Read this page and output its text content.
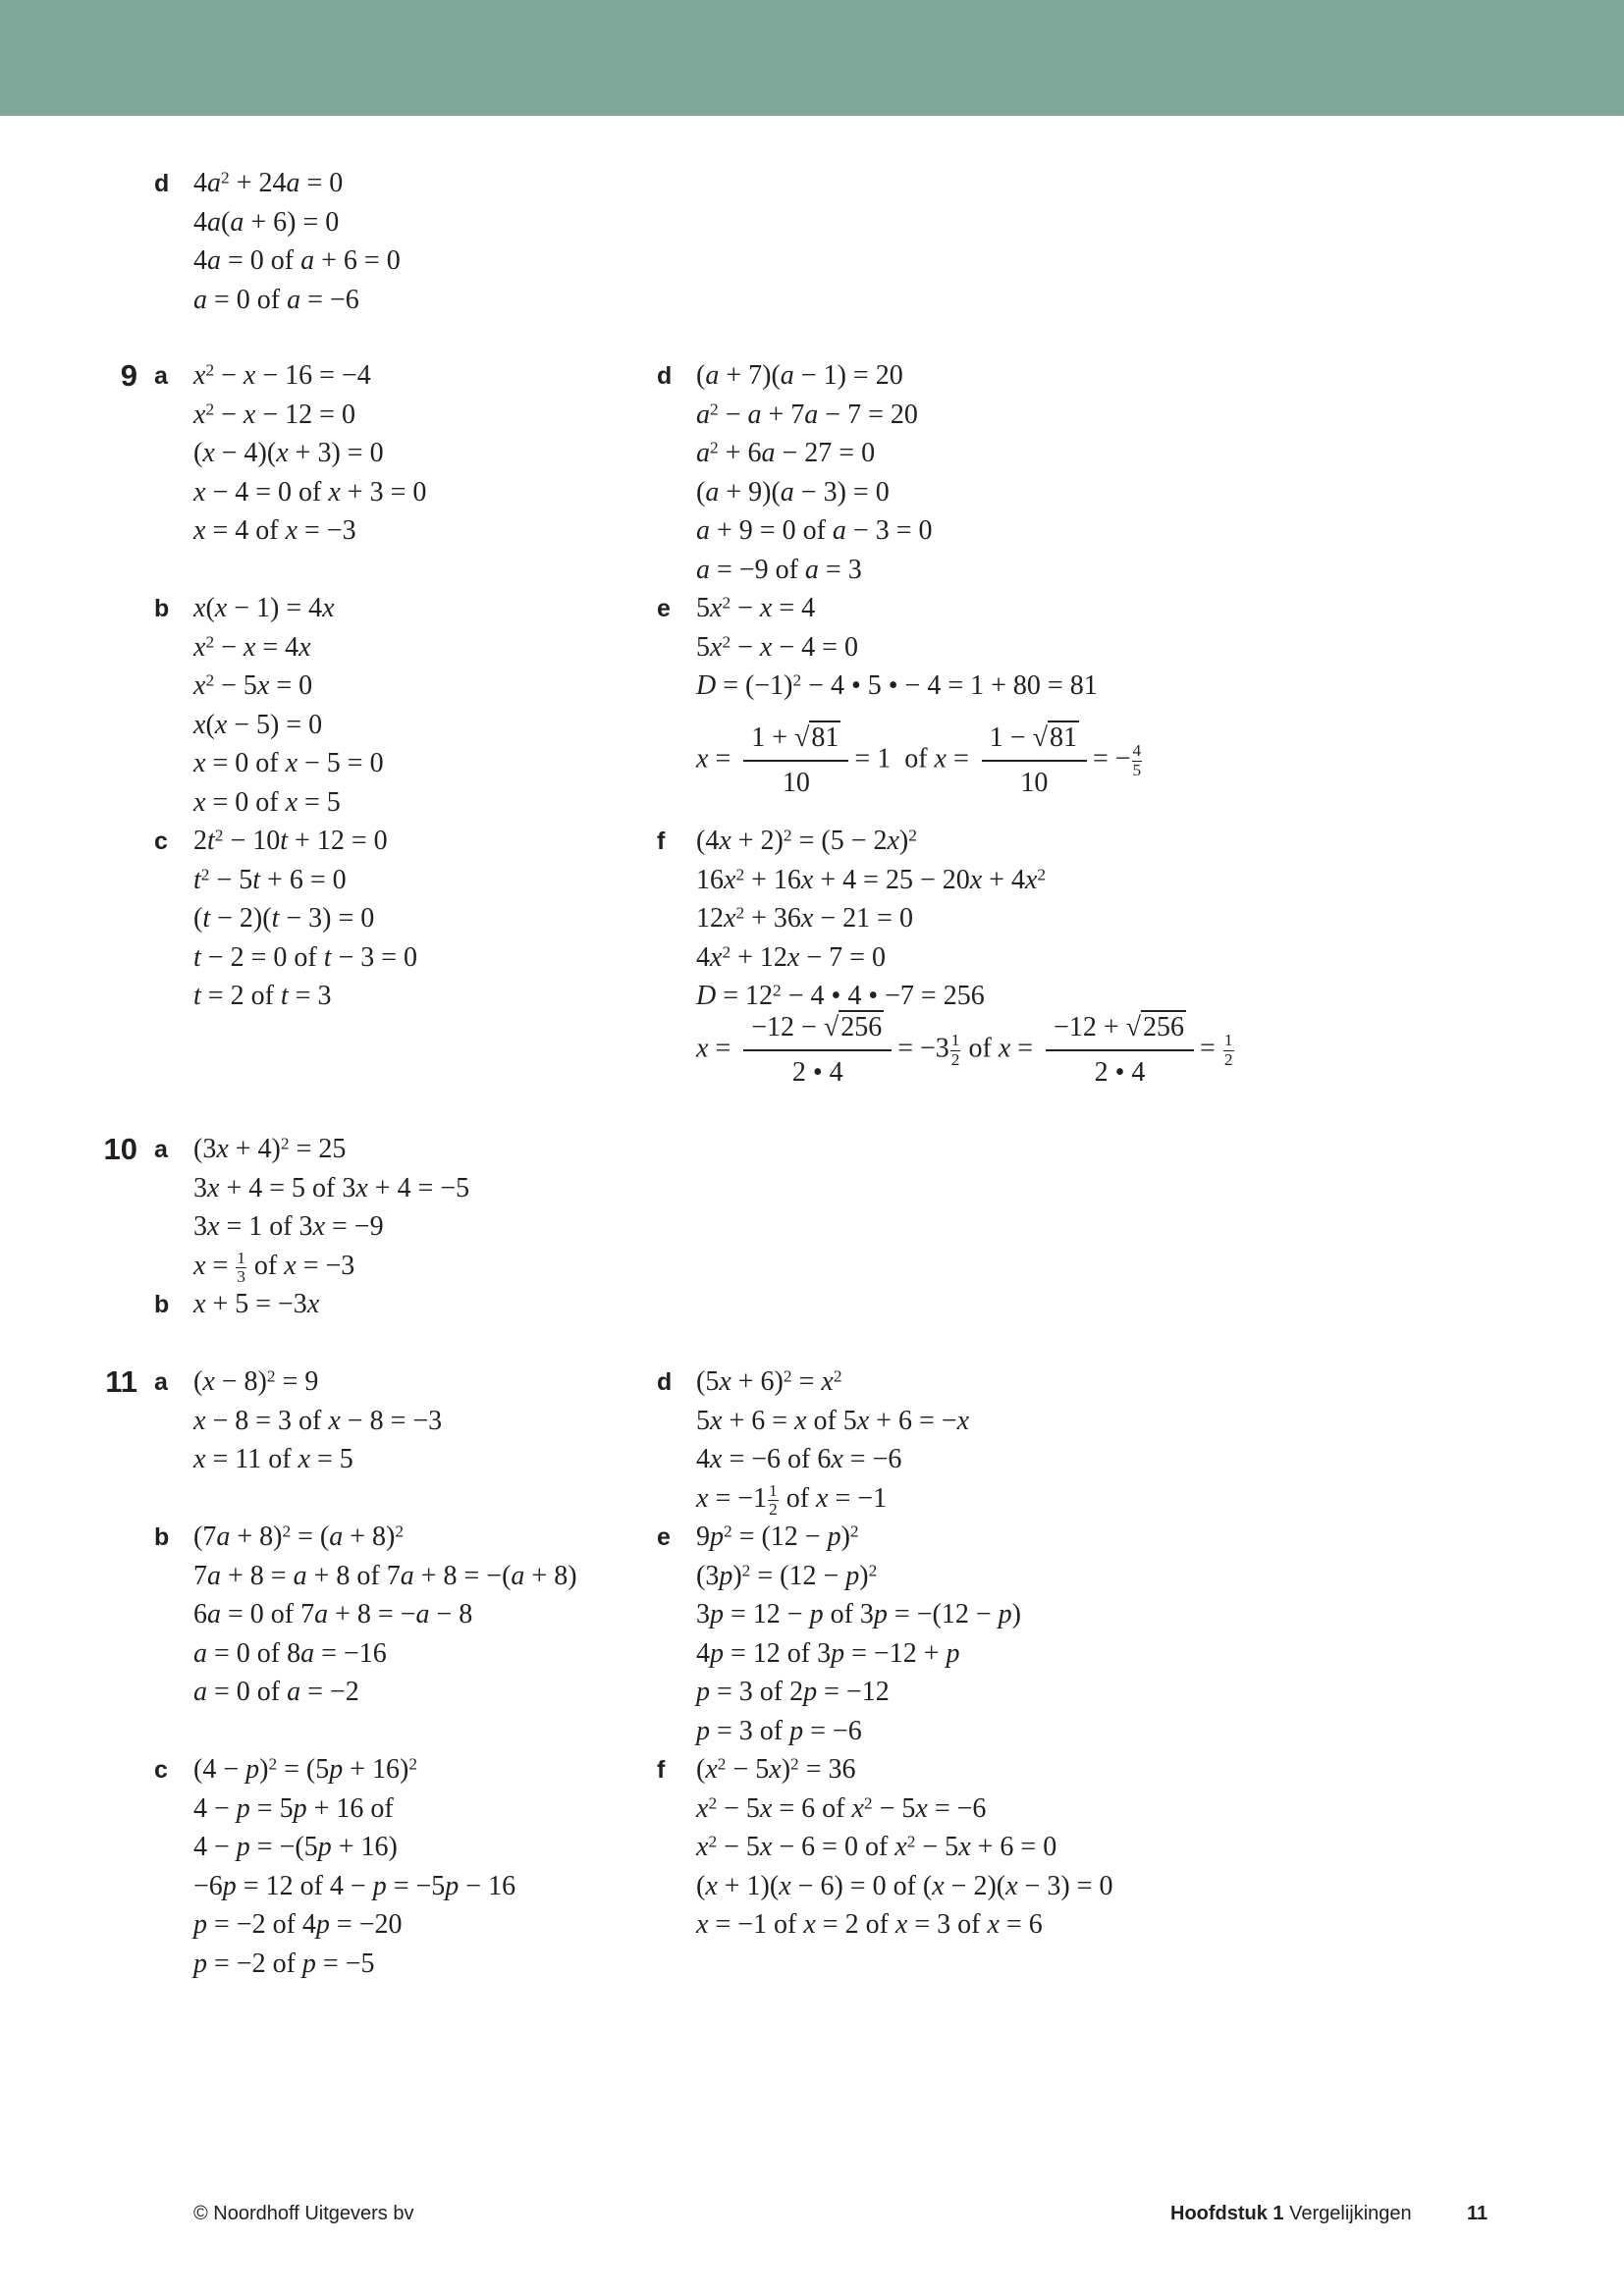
d
9 a
b
c
d
e
$x = \frac{1 + √81}{10} = 1$ of $x = \frac{1 - √81}{10}$ = − $\frac{4}{5}$
f
$x = \frac{-12 - √256}{2 • 4} = -3 \frac{1}{2}$ of $x = \frac{-12 + √256}{2 • 4} = \frac{1}{2}$
10 a
$x = \frac{1}{3}$ of x = −3
b
11 a
b
c
d
$x = -1 \frac{1}{2}$ of x = −1
e
f
© Noordhoff Uitgevers bv	Hoofdstuk 1 Vergelijkingen	11
$4a^2 + 24a = 0$
4a(a + 6) = 0
4a = 0 of a + 6 = 0
a = 0 of a = −6
$x^2 - x - 16 = -4$
$x^2 - x - 12 = 0$
(x − 4)(x + 3) = 0
x − 4 = 0 of x + 3 = 0
x = 4 of x = −3
x(x − 1) = 4x
$x^2 - x = 4x$
$x^2 - 5x = 0$
x(x − 5) = 0
x = 0 of x − 5 = 0
x = 0 of x = 5
$2t^2 - 10t + 12 = 0$
$t^2 - 5t + 6 = 0$
(t − 2)(t − 3) = 0
t − 2 = 0 of t − 3 = 0
t = 2 of t = 3
(a + 7)(a − 1) = 20
$a^2 - a + 7a - 7 = 20$
$a^2 + 6a - 27 = 0$
(a + 9)(a − 3) = 0
a + 9 = 0 of a − 3 = 0
a = −9 of a = 3
$5x^2 - x = 4$
$5x^2 - x - 4 = 0$
$D = (-1)^2 - 4$ • 5 • − 4 = 1 + 80 = 81
$(4x + 2)^2 = (5 - 2x)^2$
$16x^2 + 16x + 4 = 25 - 20x + 4x^2$
$12x^2 + 36x - 21 = 0$
$4x^2 + 12x - 7 = 0$
$D = 12^2 - 4$ • 4 • −7 = 256
$(3x + 4)^2 = 25$
3x + 4 = 5 of 3x + 4 = −5
3x = 1 of 3x = −9
x + 5 = −3x
$(x - 8)^2 = 9$
x − 8 = 3 of x − 8 = −3
x = 11 of x = 5
$(7a + 8)^2 = (a + 8)^2$
7a + 8 = a + 8 of 7a + 8 = −(a + 8)
6a = 0 of 7a + 8 = −a − 8
a = 0 of 8a = −16
a = 0 of a = −2
$(4 - p)^2 = (5p + 16)^2$
4 − p = 5p + 16 of
4 − p = −(5p + 16)
−6p = 12 of 4 − p = −5p − 16
p = −2 of 4p = −20
p = −2 of p = −5
$(5x + 6)^2 = x^2$
5x + 6 = x of 5x + 6 = −x
4x = −6 of 6x = −6
$9p^2 = (12 - p)^2$
$(3p)^2 = (12 - p)^2$
3p = 12 − p of 3p = −(12 − p)
4p = 12 of 3p = −12 + p
p = 3 of 2p = −12
p = 3 of p = −6
$(x^2 - 5x)^2 = 36$
$x^2 - 5x = 6$ of $x^2 - 5x = -6$
$x^2 - 5x - 6 = 0$ of $x^2 - 5x + 6 = 0$
(x + 1)(x − 6) = 0 of (x − 2)(x − 3) = 0
x = −1 of x = 2 of x = 3 of x = 6
